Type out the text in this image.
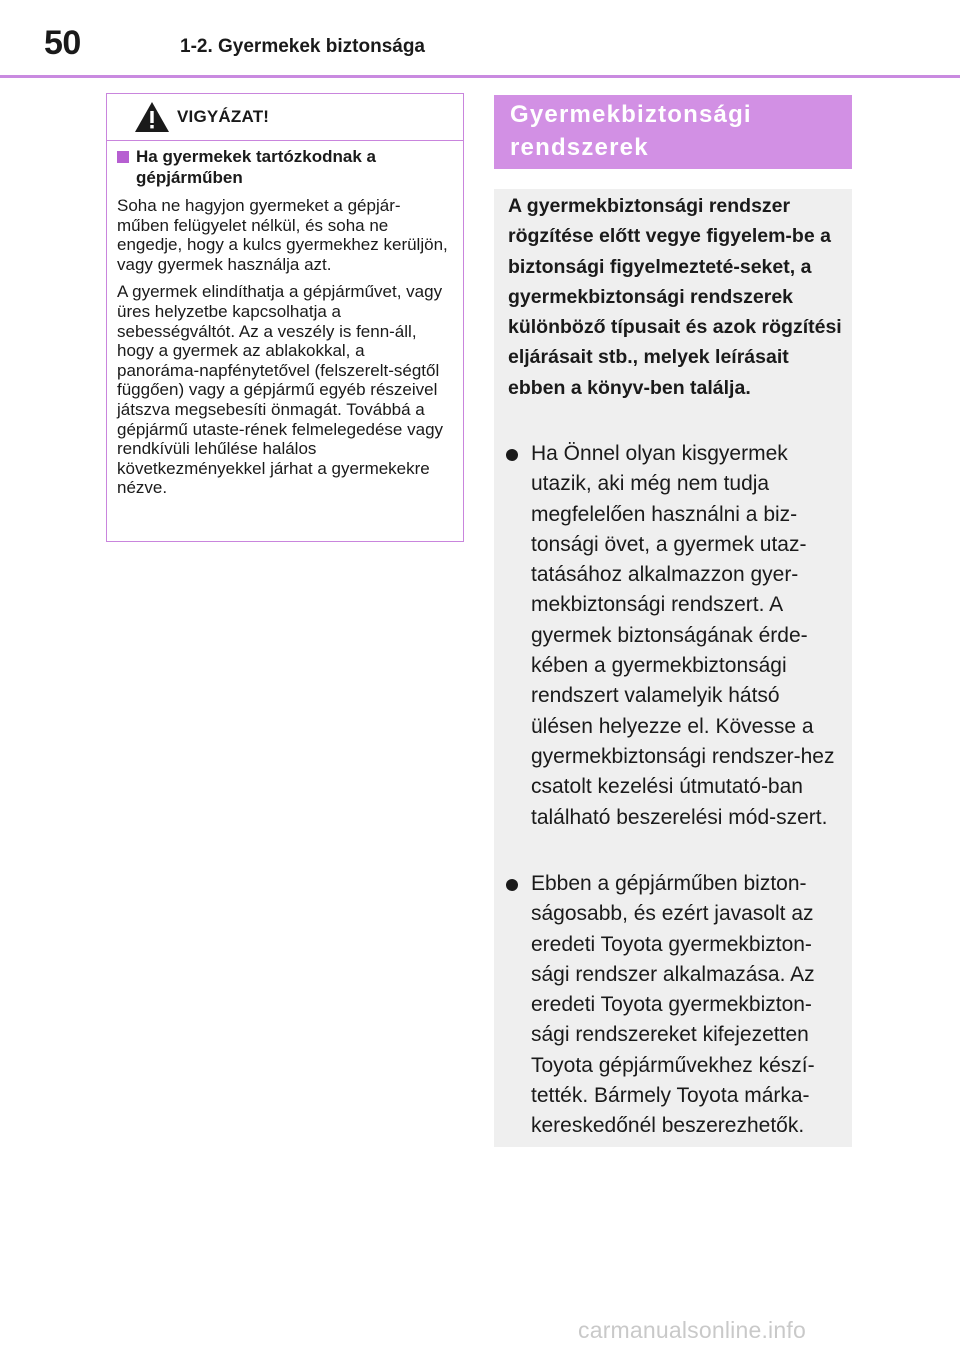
50	1-2. Gyermekek biztonsága
VIGYÁZAT!
Ha gyermekek tartózkodnak a gépjárműben

Soha ne hagyjon gyermeket a gépjár-műben felügyelet nélkül, és soha ne engedje, hogy a kulcs gyermekhez kerüljön, vagy gyermek használja azt.

A gyermek elindíthatja a gépjárművet, vagy üres helyzetbe kapcsolhatja a sebességváltót. Az a veszély is fenn-áll, hogy a gyermek az ablakokkal, a panoráma-napfénytetővel (felszerelt-ségtől függően) vagy a gépjármű egyéb részeivel játszva megsebesíti önmagát. Továbbá a gépjármű utaste-rének felmelegedése vagy rendkívüli lehűlése halálos következményekkel járhat a gyermekekre nézve.

Gyermekbiztonsági rendszerek
A gyermekbiztonsági rendszer rögzítése előtt vegye figyelem-be a biztonsági figyelmezteté-seket, a gyermekbiztonsági rendszerek különböző típusait és azok rögzítési eljárásait stb., melyek leírásait ebben a könyv-ben találja.
Ha Önnel olyan kisgyermek utazik, aki még nem tudja megfelelően használni a biz-tonsági övet, a gyermek utaz-tatásához alkalmazzon gyer-mekbiztonsági rendszert. A gyermek biztonságának érde-kében a gyermekbiztonsági rendszert valamelyik hátsó ülésen helyezze el. Kövesse a gyermekbiztonsági rendszer-hez csatolt kezelési útmutató-ban található beszerelési mód-szert.
Ebben a gépjárműben bizton-ságosabb, és ezért javasolt az eredeti Toyota gyermekbizton-sági rendszer alkalmazása. Az eredeti Toyota gyermekbizton-sági rendszereket kifejezetten Toyota gépjárművekhez készí-tették. Bármely Toyota márka-kereskedőnél beszerezhetők.
carmanualsonline.info
